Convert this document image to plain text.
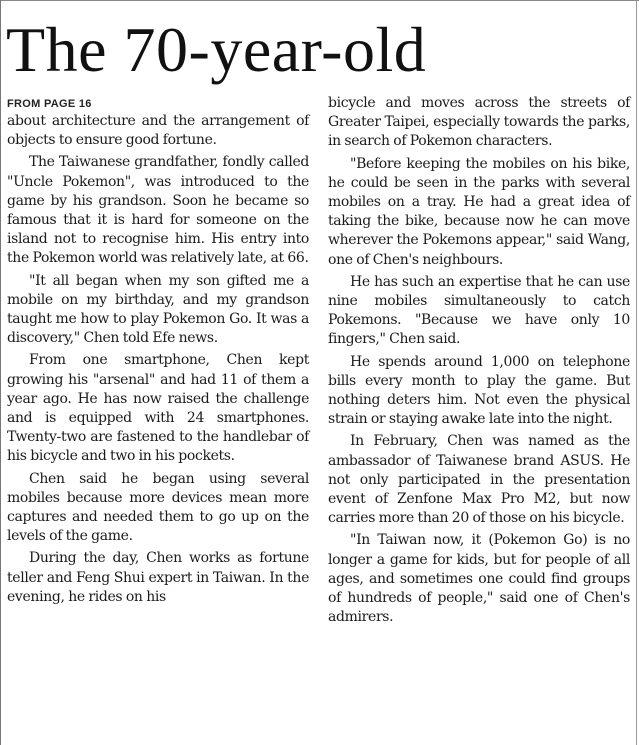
The 70-year-old
FROM PAGE 16

about architecture and the arrangement of objects to ensure good fortune.

The Taiwanese grandfather, fondly called "Uncle Pokemon", was introduced to the game by his grandson. Soon he became so famous that it is hard for someone on the island not to recognise him. His entry into the Pokemon world was relatively late, at 66.

"It all began when my son gifted me a mobile on my birthday, and my grandson taught me how to play Pokemon Go. It was a discovery," Chen told Efe news.

From one smartphone, Chen kept growing his "arsenal" and had 11 of them a year ago. He has now raised the challenge and is equipped with 24 smartphones. Twenty-two are fastened to the handlebar of his bicycle and two in his pockets.

Chen said he began using several mobiles because more devices mean more captures and needed them to go up on the levels of the game.

During the day, Chen works as fortune teller and Feng Shui expert in Taiwan. In the evening, he rides on his

bicycle and moves across the streets of Greater Taipei, especially towards the parks, in search of Pokemon characters.

"Before keeping the mobiles on his bike, he could be seen in the parks with several mobiles on a tray. He had a great idea of taking the bike, because now he can move wherever the Pokemons appear," said Wang, one of Chen's neighbours.

He has such an expertise that he can use nine mobiles simultaneously to catch Pokemons. "Because we have only 10 fingers," Chen said.

He spends around 1,000 on telephone bills every month to play the game. But nothing deters him. Not even the physical strain or staying awake late into the night.

In February, Chen was named as the ambassador of Taiwanese brand ASUS. He not only participated in the presentation event of Zenfone Max Pro M2, but now carries more than 20 of those on his bicycle.

"In Taiwan now, it (Pokemon Go) is no longer a game for kids, but for people of all ages, and sometimes one could find groups of hundreds of people," said one of Chen's admirers.
